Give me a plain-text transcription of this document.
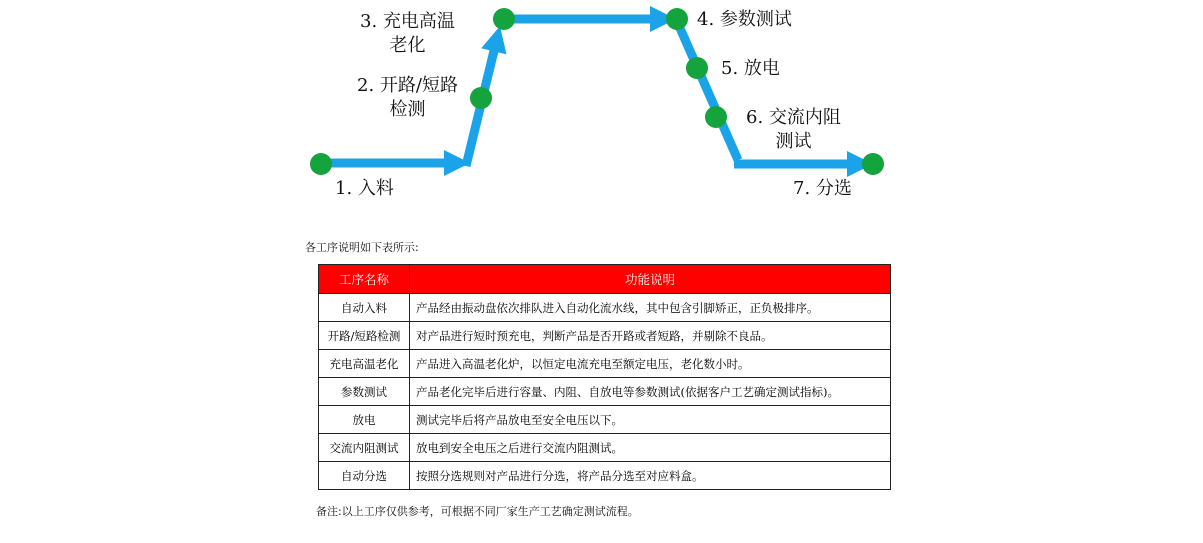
1. 入料
2. 开路/短路
检测
3. 充电高温
老化
4. 参数测试
5. 放电
6. 交流内阻
测试
7. 分选
各工序说明如下表所示:
工序名称	功能说明
自动入料	产品经由振动盘依次排队进入自动化流水线，其中包含引脚矫正，正负极排序。
开路/短路检测	对产品进行短时预充电，判断产品是否开路或者短路，并剔除不良品。
充电高温老化	产品进入高温老化炉，以恒定电流充电至额定电压，老化数小时。
参数测试	产品老化完毕后进行容量、内阻、自放电等参数测试(依据客户工艺确定测试指标)。
放电	测试完毕后将产品放电至安全电压以下。
交流内阻测试	放电到安全电压之后进行交流内阻测试。
自动分选	按照分选规则对产品进行分选，将产品分选至对应料盒。
备注:以上工序仅供参考，可根据不同厂家生产工艺确定测试流程。
